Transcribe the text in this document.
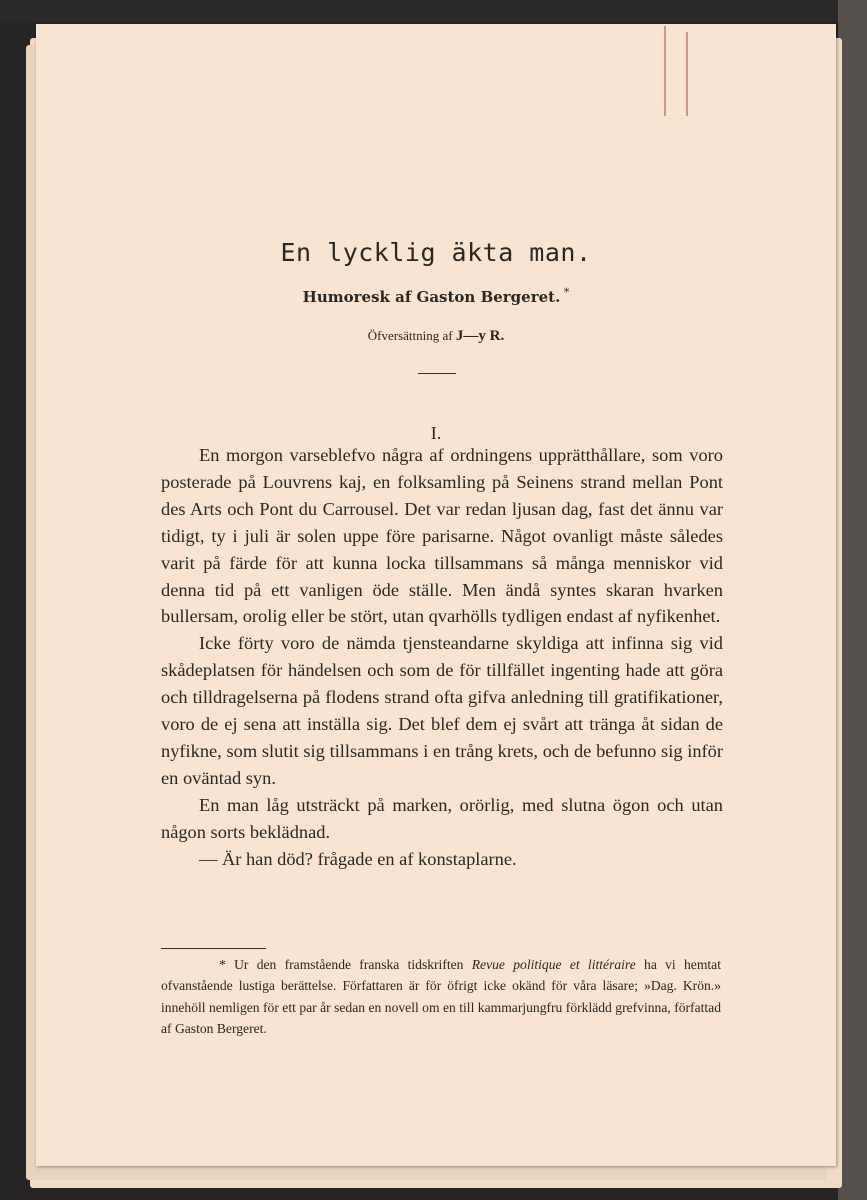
En lycklig äkta man.
Humoresk af Gaston Bergeret. *
Öfversättning af J—y R.
I.

En morgon varseblefvo några af ordningens upprätthållare, som voro posterade på Louvrens kaj, en folksamling på Seinens strand mellan Pont des Arts och Pont du Carrousel. Det var redan ljusan dag, fast det ännu var tidigt, ty i juli är solen uppe före parisarne. Något ovanligt måste således varit på färde för att kunna locka tillsammans så många menniskor vid denna tid på ett vanligen öde ställe. Men ändå syntes skaran hvarken bullersam, orolig eller be stört, utan qvarhölls tydligen endast af nyfikenhet.

Icke förty voro de nämda tjensteandarne skyldiga att infinna sig vid skådeplatsen för händelsen och som de för tillfället ingenting hade att göra och tilldragelserna på flodens strand ofta gifva anledning till gratifikationer, voro de ej sena att inställa sig. Det blef dem ej svårt att tränga åt sidan de nyfikne, som slutit sig tillsammans i en trång krets, och de befunno sig inför en oväntad syn.

En man låg utsträckt på marken, orörlig, med slutna ögon och utan någon sorts beklädnad.

— Är han död? frågade en af konstaplarne.

* Ur den framstående franska tidskriften Revue politique et littéraire ha vi hemtat ofvanstående lustiga berättelse. Författaren är för öfrigt icke okänd för våra läsare; »Dag. Krön.» innehöll nemligen för ett par år sedan en novell om en till kammarjungfru förklädd grefvinna, författad af Gaston Bergeret.
